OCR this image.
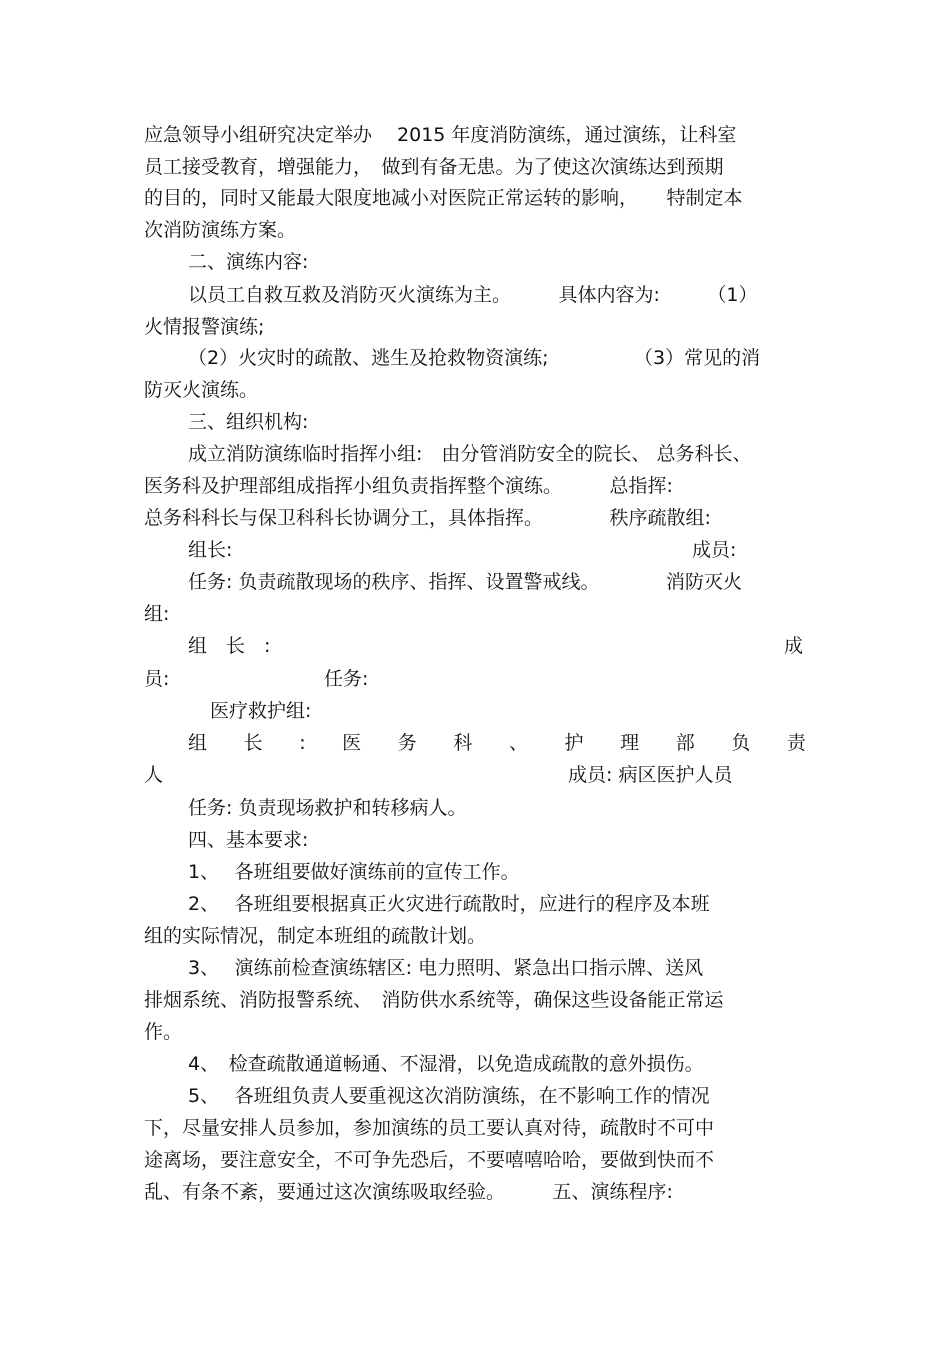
应急领导小组研究决定举办　 2015 年度消防演练，通过演练，让科室
员工接受教育，增强能力，　做到有备无患。为了使这次演练达到预期
的目的，同时又能最大限度地减小对医院正常运转的影响，　　特制定本
次消防演练方案。
二、演练内容:
以员工自救互救及消防灭火演练为主。　　　具体内容为:　　　（1）
火情报警演练;
（2）火灾时的疏散、逃生及抢救物资演练;　　　　　（3）常见的消
防灭火演练。
三、组织机构:
成立消防演练临时指挥小组:　由分管消防安全的院长、 总务科长、
医务科及护理部组成指挥小组负责指挥整个演练。　　　总指挥:
总务科科长与保卫科科长协调分工，具体指挥。　　　　秩序疏散组:
组长:	成员:
任务: 负责疏散现场的秩序、指挥、设置警戒线。　　　　消防灭火
组:
组　长　:	成
员:	任务:
医疗救护组:
组 长 : 医 务 科 、 护 理 部 负 责
人	成员: 病区医护人员
任务: 负责现场救护和转移病人。
四、基本要求:
1、　 各班组要做好演练前的宣传工作。
2、　 各班组要根据真正火灾进行疏散时，应进行的程序及本班
组的实际情况，制定本班组的疏散计划。
3、　 演练前检查演练辖区: 电力照明、紧急出口指示牌、送风
排烟系统、消防报警系统、　消防供水系统等，确保这些设备能正常运
作。
4、　检查疏散通道畅通、不湿滑，以免造成疏散的意外损伤。
5、　 各班组负责人要重视这次消防演练，在不影响工作的情况
下，尽量安排人员参加，参加演练的员工要认真对待，疏散时不可中
途离场，要注意安全，不可争先恐后，不要嘻嘻哈哈，要做到快而不
乱、有条不紊，要通过这次演练吸取经验。　　　五、演练程序:
